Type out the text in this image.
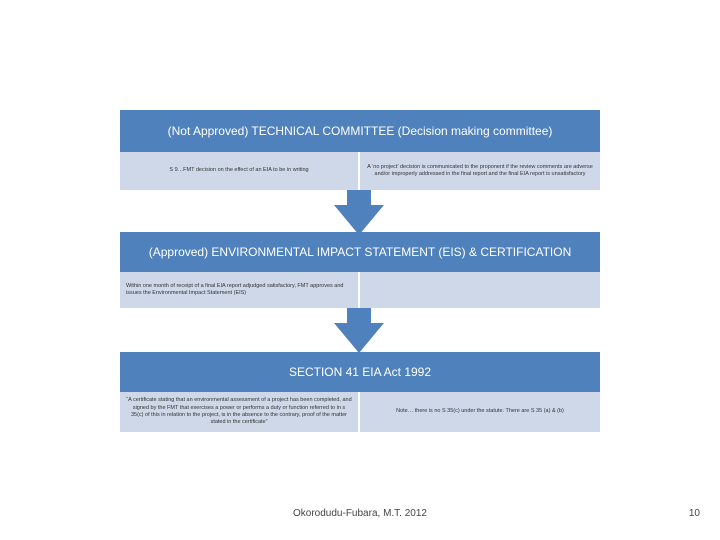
(Not Approved) TECHNICAL COMMITTEE (Decision making committee)
S 9…FMT decision on the effect of an EIA to be in writing
A ‘no project’ decision is communicated to the proponent if the review comments are adverse and/or improperly addressed in the final report and the final EIA report is unsatisfactory
(Approved) ENVIRONMENTAL IMPACT STATEMENT (EIS) & CERTIFICATION
Within one month of receipt of a final EIA report adjudged satisfactory, FMT approves and issues the Environmental Impact Statement (EIS)
SECTION 41 EIA Act 1992
“A certificate stating that an environmental assessment of a project has been completed, and signed by the FMT that exercises a power or performs a duty or function referred to in s 35(c) of this in relation to the project, is in the absence to the contrary, proof of the matter stated in the certificate”
Note… there is no S 35(c) under the statute. There are S 35 (a) & (b)
Okorodudu-Fubara, M.T. 2012	10
